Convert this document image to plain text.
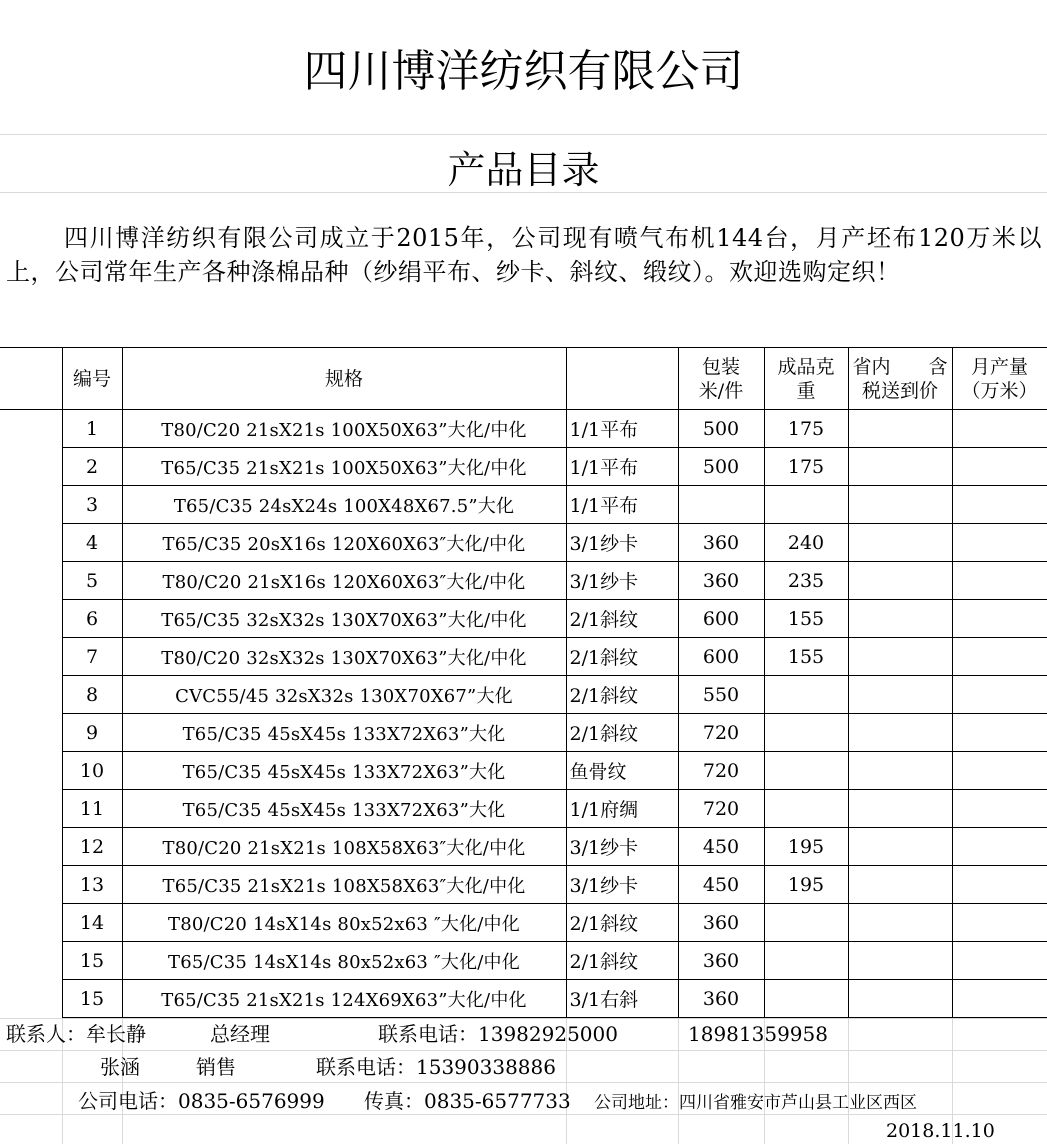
四川博洋纺织有限公司
产品目录
四川博洋纺织有限公司成立于2015年，公司现有喷气布机144台，月产坯布120万米以上，公司常年生产各种涤棉品种（纱绢平布、纱卡、斜纹、缎纹）。欢迎选购定织！
	编号	规格		包装米/件	成品克重	省内　　含税送到价	月产量（万米）
	1	T80/C20 21sX21s 100X50X63”大化/中化	1/1平布	500	175		
	2	T65/C35 21sX21s 100X50X63”大化/中化	1/1平布	500	175		
	3	T65/C35 24sX24s 100X48X67.5”大化	1/1平布				
	4	T65/C35 20sX16s 120X60X63″大化/中化	3/1纱卡	360	240		
	5	T80/C20 21sX16s 120X60X63″大化/中化	3/1纱卡	360	235		
	6	T65/C35 32sX32s 130X70X63”大化/中化	2/1斜纹	600	155		
	7	T80/C20 32sX32s 130X70X63”大化/中化	2/1斜纹	600	155		
	8	CVC55/45 32sX32s 130X70X67”大化	2/1斜纹	550			
	9	T65/C35 45sX45s 133X72X63”大化	2/1斜纹	720			
	10	T65/C35 45sX45s 133X72X63”大化	鱼骨纹	720			
	11	T65/C35 45sX45s 133X72X63”大化	1/1府绸	720			
	12	T80/C20 21sX21s 108X58X63″大化/中化	3/1纱卡	450	195		
	13	T65/C35 21sX21s 108X58X63″大化/中化	3/1纱卡	450	195		
	14	T80/C20 14sX14s 80x52x63 ″大化/中化	2/1斜纹	360			
	15	T65/C35 14sX14s 80x52x63 ″大化/中化	2/1斜纹	360			
	15	T65/C35 21sX21s 124X69X63”大化/中化	3/1右斜	360			
联系人：牟长静	总经理	联系电话：13982925000	18981359958
张涵	销售	联系电话：15390338886
公司电话：0835-6576999 传真：0835-6577733 公司地址：四川省雅安市芦山县工业区西区
2018.11.10
